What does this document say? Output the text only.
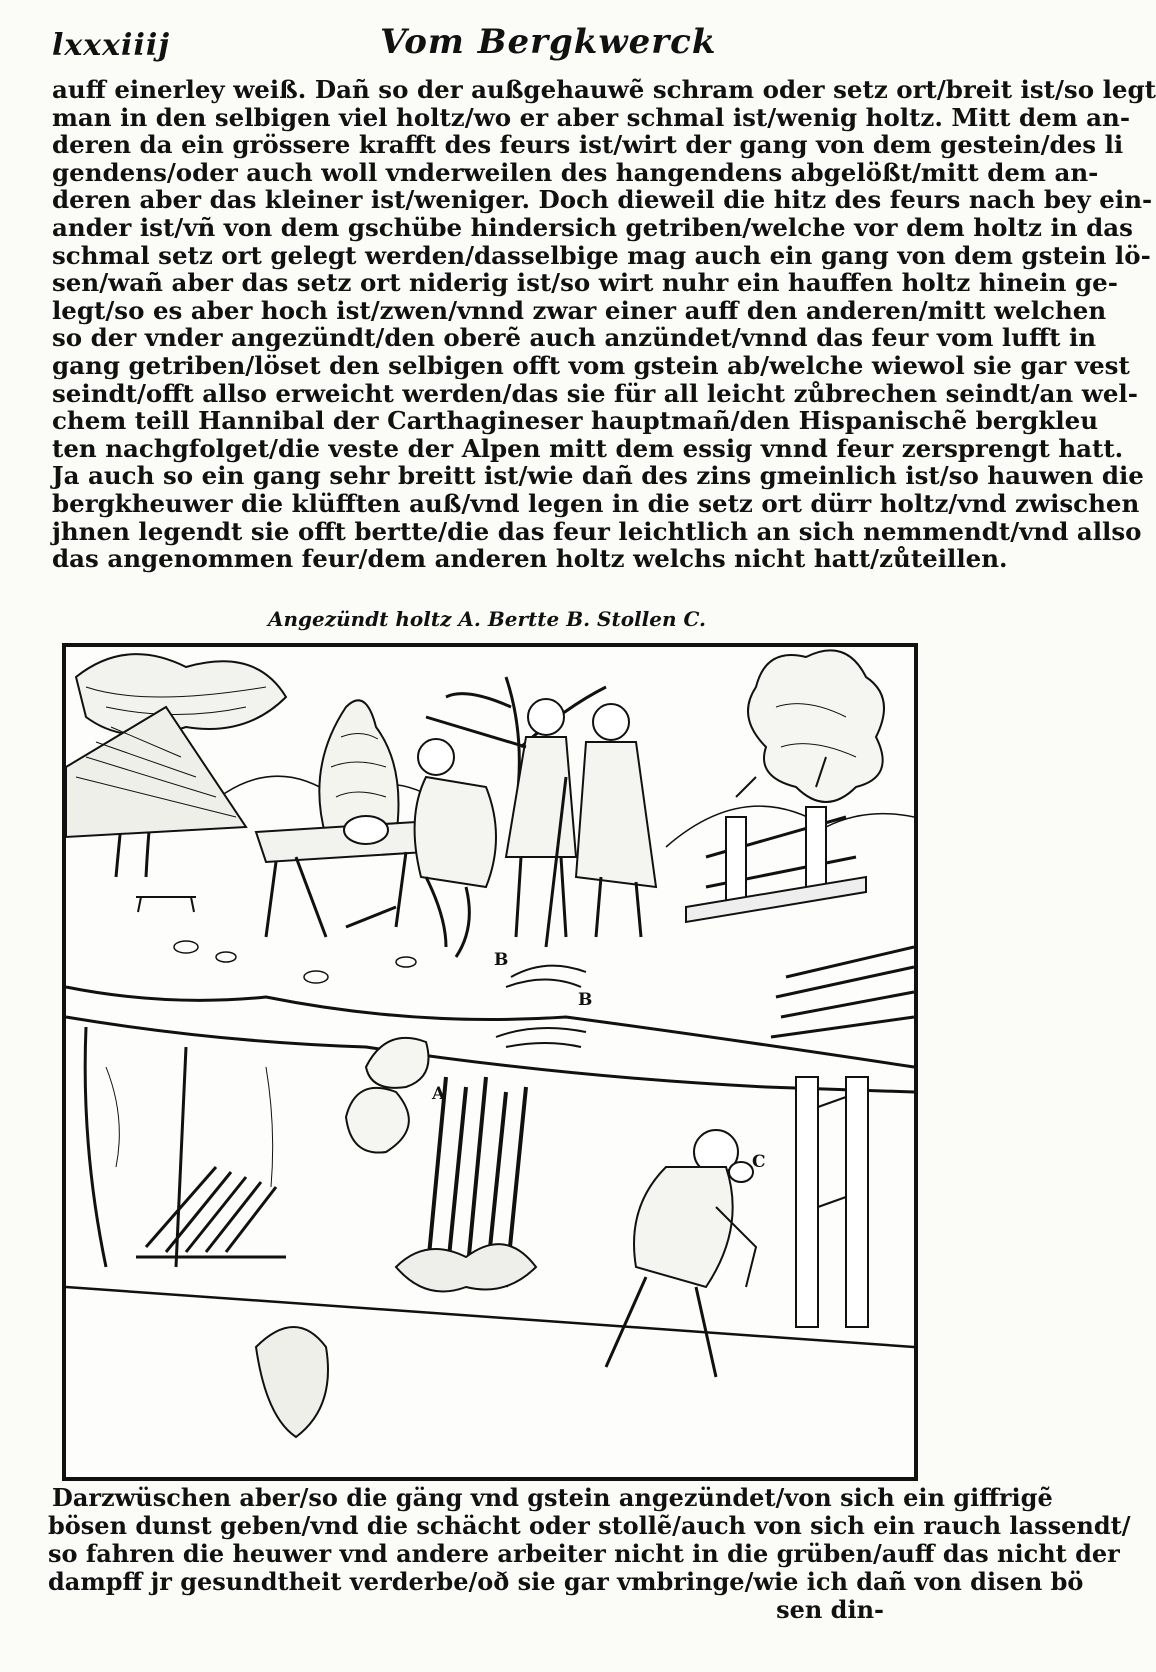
lxxxiiij	Vom Bergkwerck
auff einerley weiß. Dañ so der außgehauwẽ schram oder setz ort/breit ist/so legt
man in den selbigen viel holtz/wo er aber schmal ist/wenig holtz. Mitt dem an-
deren da ein grössere krafft des feurs ist/wirt der gang von dem gestein/des li
gendens/oder auch woll vnderweilen des hangendens abgelößt/mitt dem an-
deren aber das kleiner ist/weniger. Doch dieweil die hitz des feurs nach bey ein-
ander ist/vñ von dem gschübe hindersich getriben/welche vor dem holtz in das
schmal setz ort gelegt werden/dasselbige mag auch ein gang von dem gstein lö-
sen/wañ aber das setz ort niderig ist/so wirt nuhr ein hauffen holtz hinein ge-
legt/so es aber hoch ist/zwen/vnnd zwar einer auff den anderen/mitt welchen
so der vnder angezündt/den oberẽ auch anzündet/vnnd das feur vom lufft in
gang getriben/löset den selbigen offt vom gstein ab/welche wiewol sie gar vest
seindt/offt allso erweicht werden/das sie für all leicht zůbrechen seindt/an wel-
chem teill Hannibal der Carthagineser hauptmañ/den Hispanischẽ bergkleu
ten nachgfolget/die veste der Alpen mitt dem essig vnnd feur zersprengt hatt.
Ja auch so ein gang sehr breitt ist/wie dañ des zins gmeinlich ist/so hauwen die
bergkheuwer die klüfften auß/vnd legen in die setz ort dürr holtz/vnd zwischen
jhnen legendt sie offt bertte/die das feur leichtlich an sich nemmendt/vnd allso
das angenommen feur/dem anderen holtz welchs nicht hatt/zůteillen.
Angezündt holtz A. Bertte B. Stollen C.
B
B
A
C
Darzwüschen aber/so die gäng vnd gstein angezündet/von sich ein giffrigẽ
bösen dunst geben/vnd die schächt oder stollẽ/auch von sich ein rauch lassendt/
so fahren die heuwer vnd andere arbeiter nicht in die grüben/auff das nicht der
dampff jr gesundtheit verderbe/oð sie gar vmbringe/wie ich dañ von disen bö
sen din-
